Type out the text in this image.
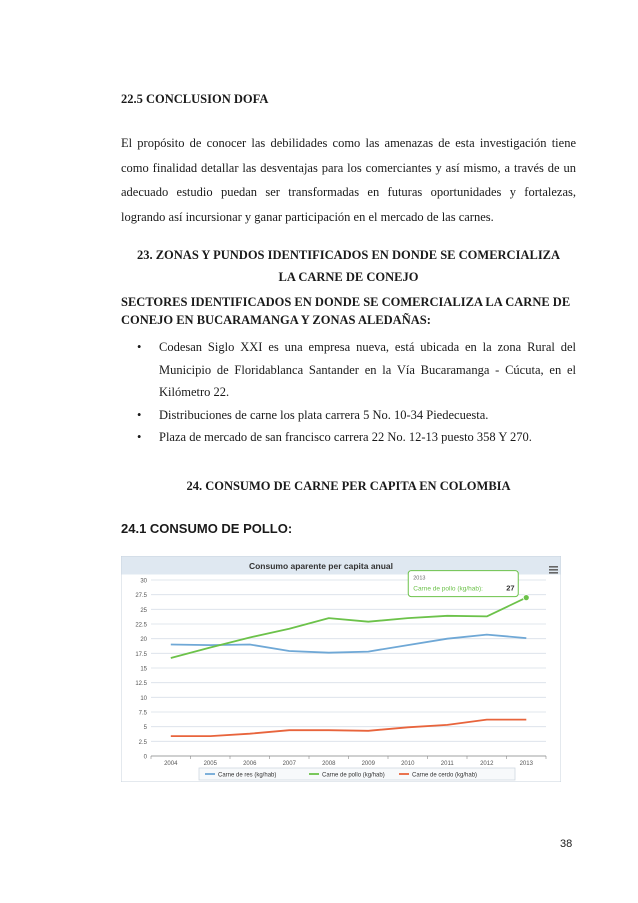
22.5 CONCLUSION DOFA
El propósito de conocer las debilidades como las amenazas de esta investigación tiene como finalidad detallar las desventajas para los comerciantes y así mismo, a través de un adecuado estudio puedan ser transformadas en futuras oportunidades y fortalezas, logrando así incursionar y ganar participación en el mercado de las carnes.
23. ZONAS Y PUNDOS IDENTIFICADOS EN DONDE SE COMERCIALIZA
LA CARNE DE CONEJO
SECTORES IDENTIFICADOS EN DONDE SE COMERCIALIZA LA CARNE DE CONEJO EN BUCARAMANGA Y ZONAS ALEDAÑAS:
• Codesan Siglo XXI es una empresa nueva, está ubicada en la zona Rural del Municipio de Floridablanca Santander en la Vía Bucaramanga - Cúcuta, en el Kilómetro 22.
• Distribuciones de carne los plata carrera 5 No. 10-34 Piedecuesta.
• Plaza de mercado de san francisco carrera 22 No. 12-13 puesto 358 Y 270.
24. CONSUMO DE CARNE PER CAPITA EN COLOMBIA
24.1 CONSUMO DE POLLO:
Consumo aparente per capita anual
0
2.5
5
7.5
10
12.5
15
17.5
20
22.5
25
27.5
30
2004	2005	2006	2007	2008	2009	2010	2011	2012	2013
2013
Carne de pollo (kg/hab):	27
Carne de res (kg/hab)	Carne de pollo (kg/hab)	Carne de cerdo (kg/hab)
38
